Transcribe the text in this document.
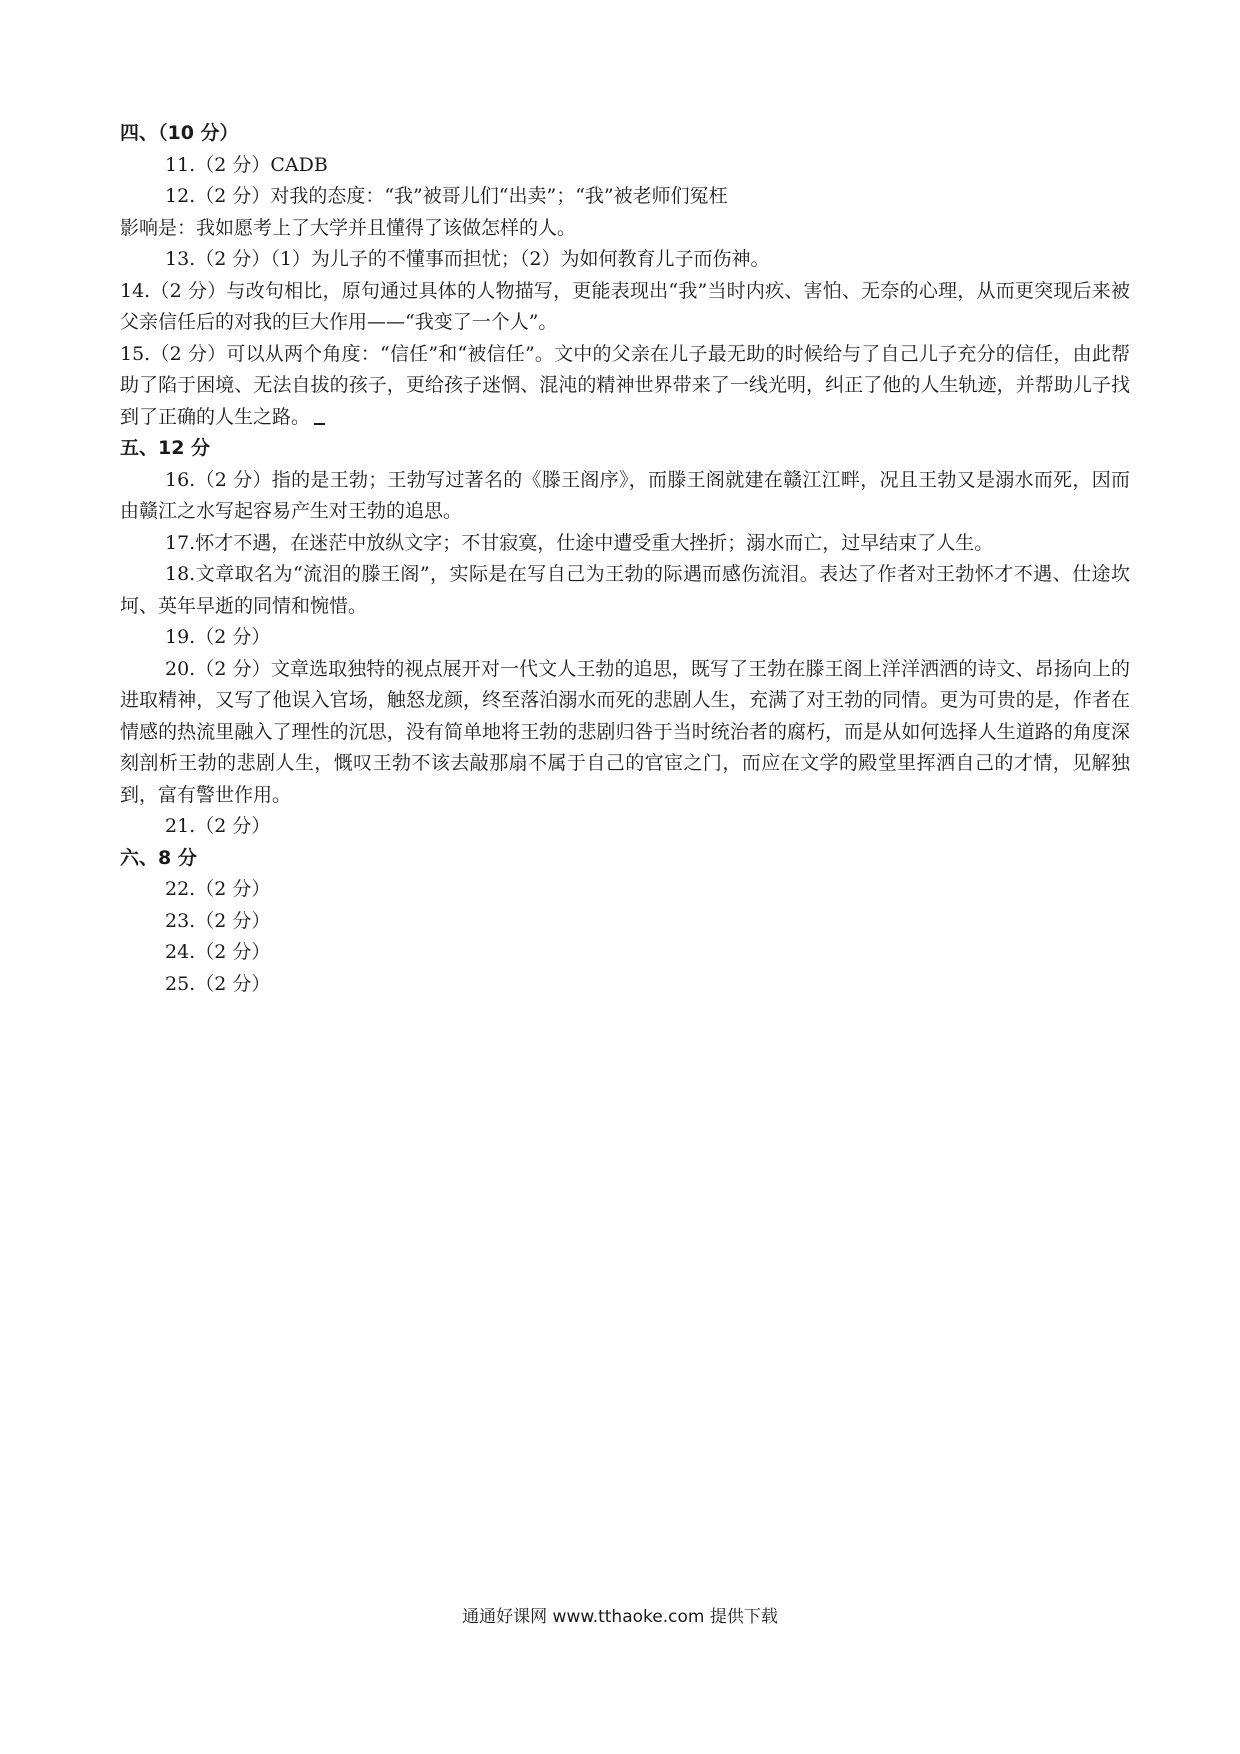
四、（10 分）

11.（2 分）CADB

12.（2 分）对我的态度：“我”被哥儿们“出卖”；“我”被老师们冤枉

影响是：我如愿考上了大学并且懂得了该做怎样的人。

13.（2 分）（1）为儿子的不懂事而担忧；（2）为如何教育儿子而伤神。

14.（2 分）与改句相比，原句通过具体的人物描写，更能表现出“我”当时内疚、害怕、无奈的心理，从而更突现后来被父亲信任后的对我的巨大作用——“我变了一个人”。

15.（2 分）可以从两个角度：“信任”和“被信任”。文中的父亲在儿子最无助的时候给与了自己儿子充分的信任，由此帮助了陷于困境、无法自拔的孩子，更给孩子迷惘、混沌的精神世界带来了一线光明，纠正了他的人生轨迹，并帮助儿子找到了正确的人生之路。

五、12 分

16.（2 分）指的是王勃；王勃写过著名的《滕王阁序》，而滕王阁就建在赣江江畔，况且王勃又是溺水而死，因而由赣江之水写起容易产生对王勃的追思。

17.怀才不遇，在迷茫中放纵文字；不甘寂寞，仕途中遭受重大挫折；溺水而亡，过早结束了人生。

18.文章取名为“流泪的滕王阁”，实际是在写自己为王勃的际遇而感伤流泪。表达了作者对王勃怀才不遇、仕途坎坷、英年早逝的同情和惋惜。

19.（2 分）

20.（2 分）文章选取独特的视点展开对一代文人王勃的追思，既写了王勃在滕王阁上洋洋洒洒的诗文、昂扬向上的进取精神，又写了他误入官场，触怒龙颜，终至落泊溺水而死的悲剧人生，充满了对王勃的同情。更为可贵的是，作者在情感的热流里融入了理性的沉思，没有简单地将王勃的悲剧归咎于当时统治者的腐朽，而是从如何选择人生道路的角度深刻剖析王勃的悲剧人生，慨叹王勃不该去敲那扇不属于自己的官宦之门，而应在文学的殿堂里挥洒自己的才情，见解独到，富有警世作用。

21.（2 分）

六、8 分

22.（2 分）

23.（2 分）

24.（2 分）

25.（2 分）

通通好课网 www.tthaoke.com 提供下载
